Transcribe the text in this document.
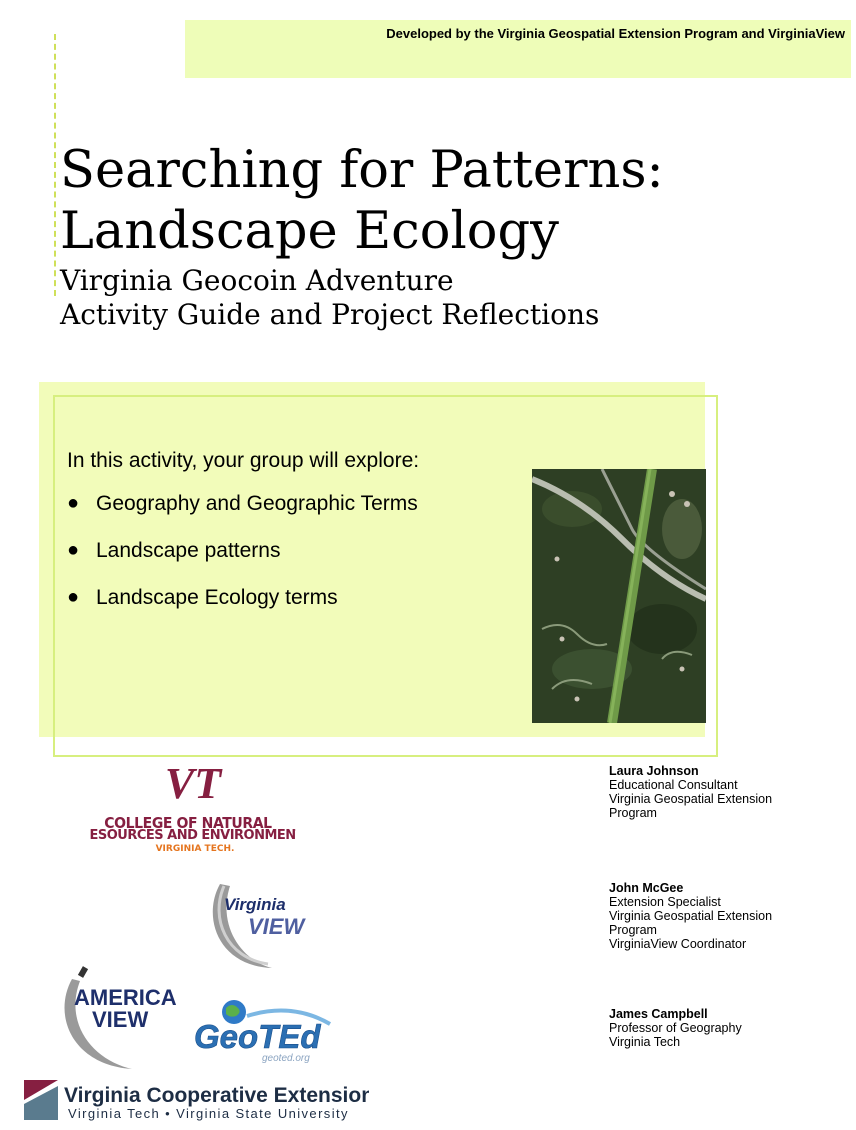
Developed by the Virginia Geospatial Extension Program and VirginiaView
Searching for Patterns:
Landscape Ecology
Virginia Geocoin Adventure
Activity Guide and Project Reflections
In this activity, your group will explore:
● Geography and Geographic Terms
● Landscape patterns
● Landscape Ecology terms
VT
COLLEGE OF NATURAL
RESOURCES AND ENVIRONMENT
VIRGINIA TECH.
Virginia
VIEW
AMERICA
VIEW GeoTEd
geoted.org
Virginia Cooperative Extension
Virginia Tech • Virginia State University
Laura Johnson
Educational Consultant
Virginia Geospatial Extension
Program
John McGee
Extension Specialist
Virginia Geospatial Extension
Program
VirginiaView Coordinator
James Campbell
Professor of Geography
Virginia Tech
